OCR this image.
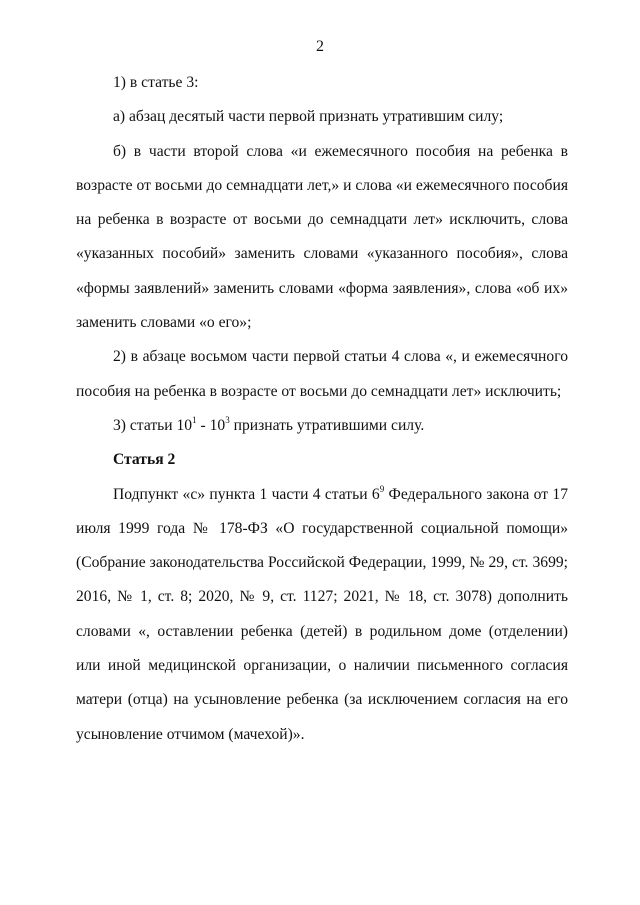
2

1) в статье 3:

а) абзац десятый части первой признать утратившим силу;

б) в части второй слова «и ежемесячного пособия на ребенка в возрасте от восьми до семнадцати лет,» и слова «и ежемесячного пособия на ребенка в возрасте от восьми до семнадцати лет» исключить, слова «указанных пособий» заменить словами «указанного пособия», слова «формы заявлений» заменить словами «форма заявления», слова «об их» заменить словами «о его»;

2) в абзаце восьмом части первой статьи 4 слова «, и ежемесячного пособия на ребенка в возрасте от восьми до семнадцати лет» исключить;

3) статьи $10^1 - 10^3$ признать утратившими силу.

Статья 2

Подпункт «с» пункта 1 части 4 статьи $6^9$ Федерального закона от 17 июля 1999 года № 178-ФЗ «О государственной социальной помощи» (Собрание законодательства Российской Федерации, 1999, № 29, ст. 3699; 2016, № 1, ст. 8; 2020, № 9, ст. 1127; 2021, № 18, ст. 3078) дополнить словами «, оставлении ребенка (детей) в родильном доме (отделении) или иной медицинской организации, о наличии письменного согласия матери (отца) на усыновление ребенка (за исключением согласия на его усыновление отчимом (мачехой)».
